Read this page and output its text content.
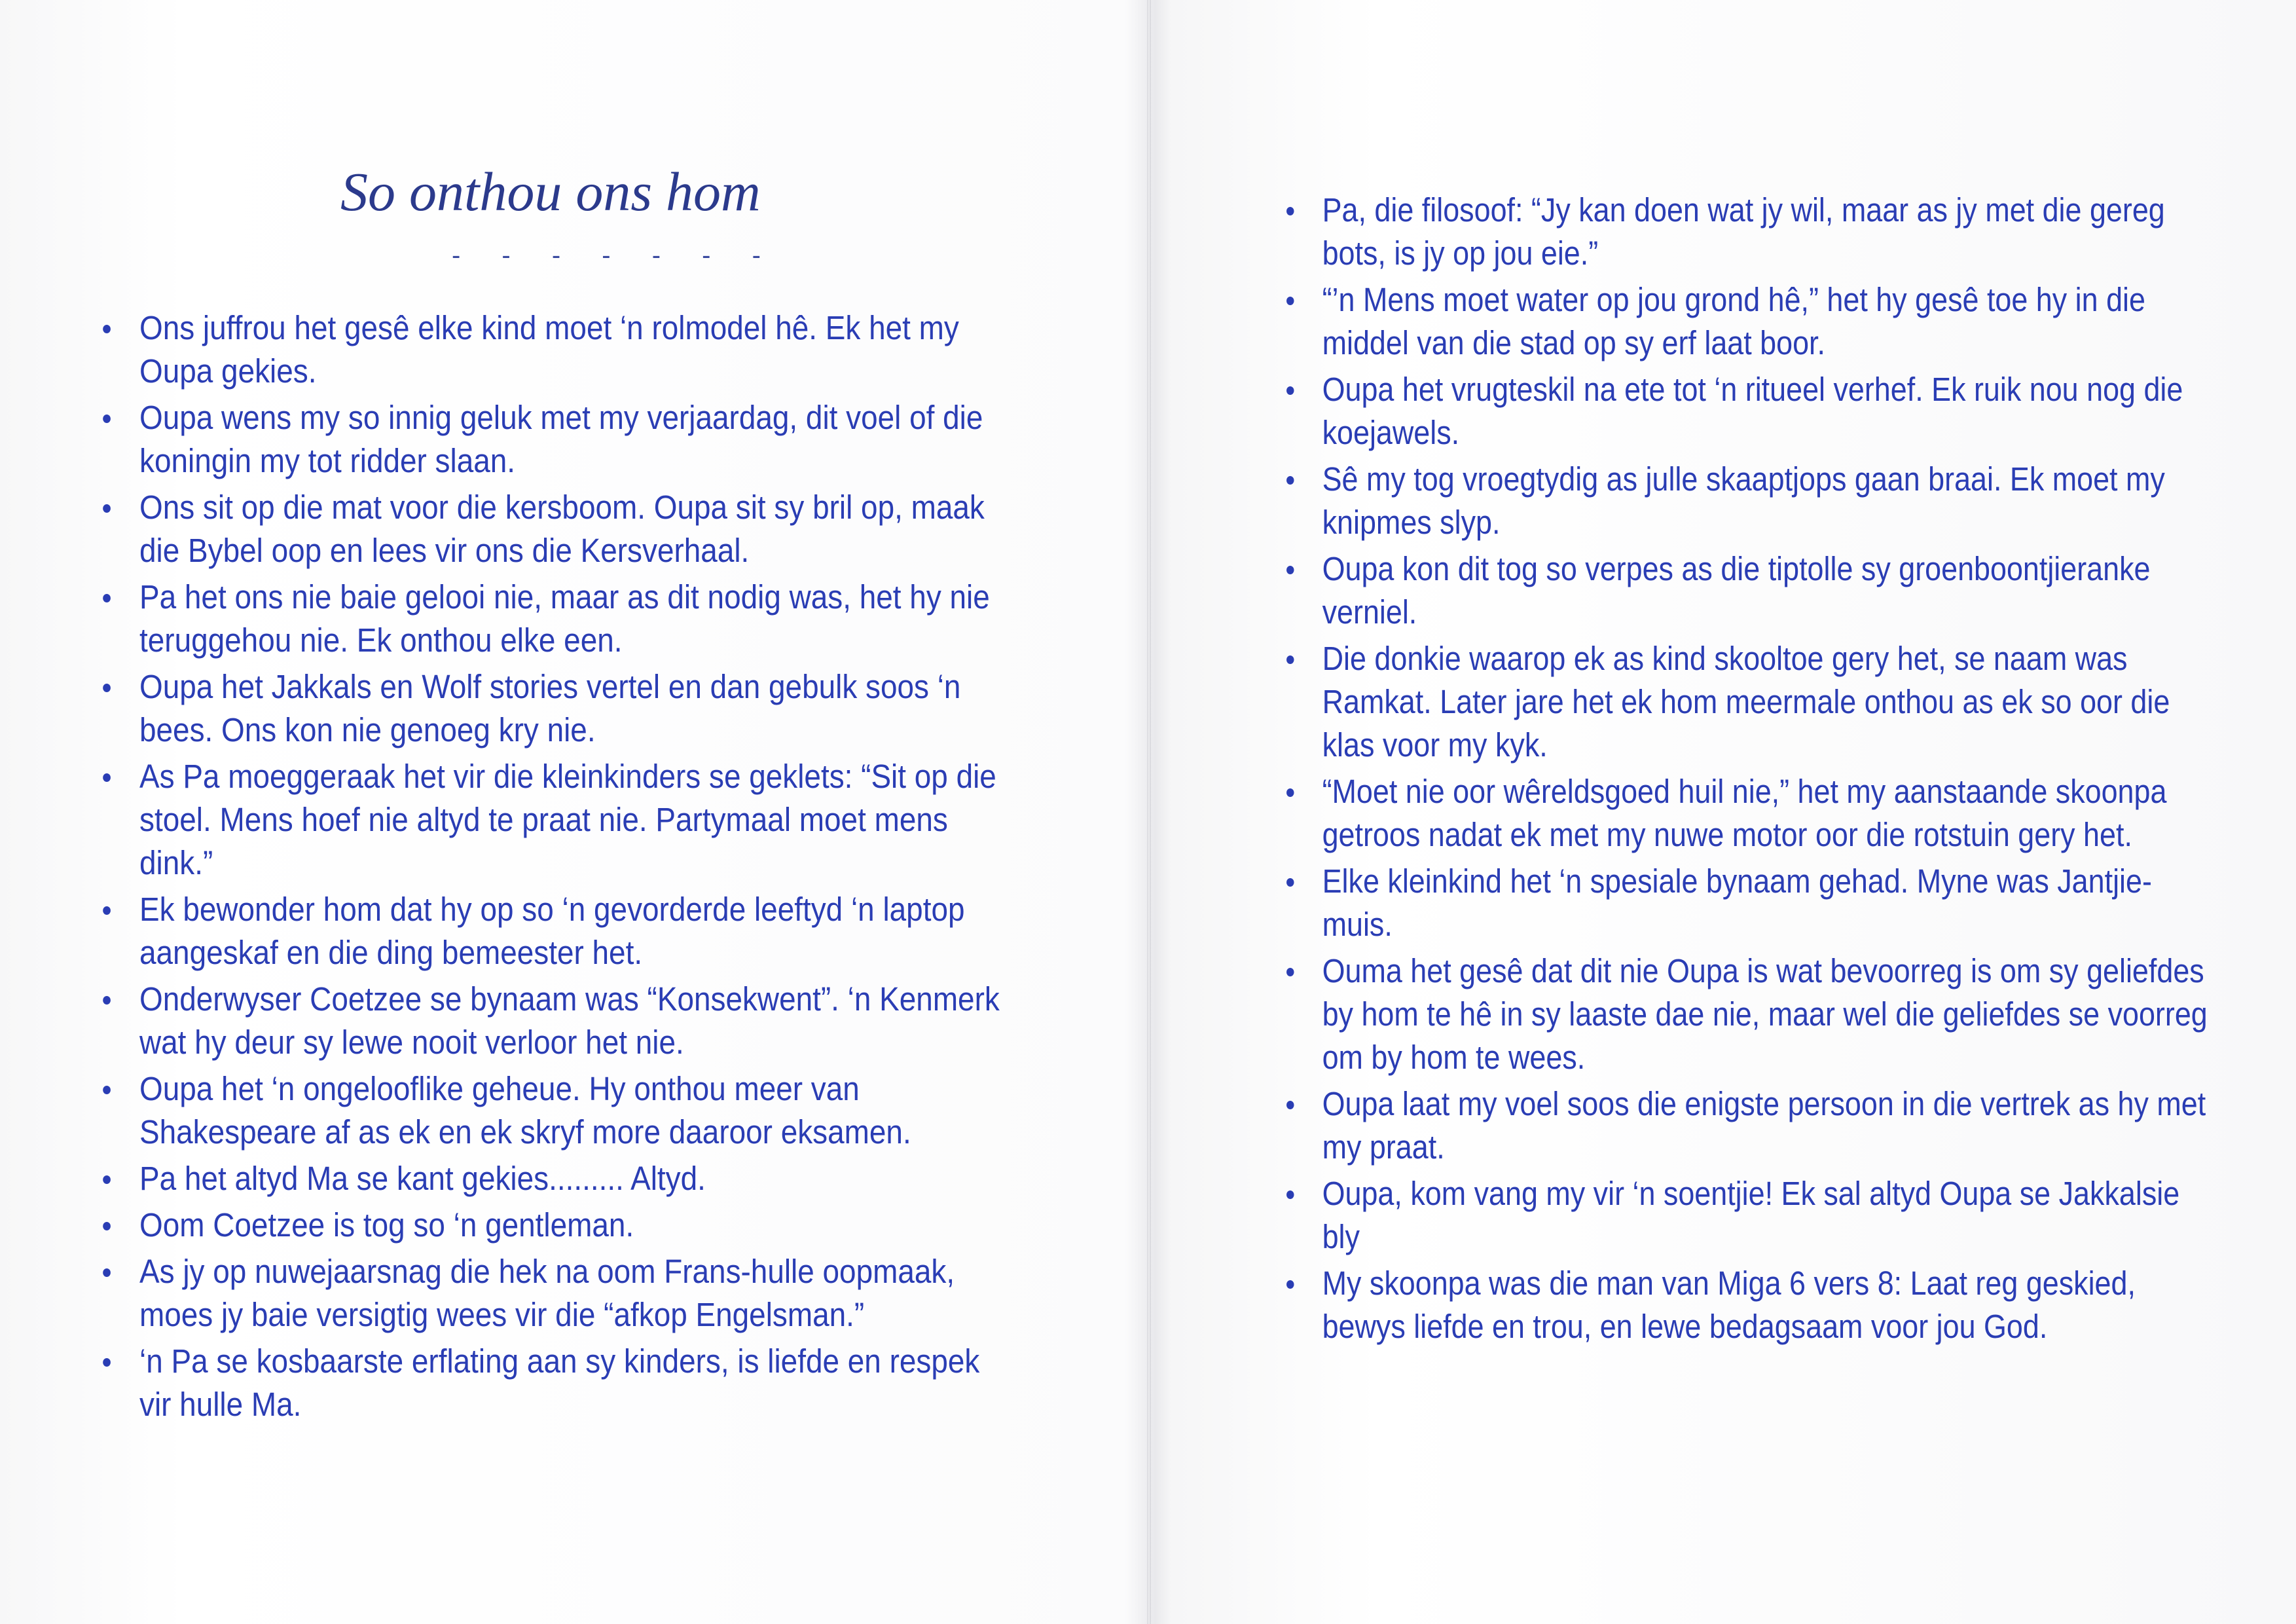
So onthou ons hom
- - - - - - -
Ons juffrou het gesê elke kind moet ‘n rolmodel hê. Ek het my Oupa gekies.
Oupa wens my so innig geluk met my verjaardag, dit voel of die koningin my tot ridder slaan.
Ons sit op die mat voor die kersboom. Oupa sit sy bril op, maak die Bybel oop en lees vir ons die Kersverhaal.
Pa het ons nie baie gelooi nie, maar as dit nodig was, het hy nie teruggehou nie. Ek onthou elke een.
Oupa het Jakkals en Wolf stories vertel en dan gebulk soos ‘n bees. Ons kon nie genoeg kry nie.
As Pa moeggeraak het vir die kleinkinders se geklets: “Sit op die stoel. Mens hoef nie altyd te praat nie. Partymaal moet mens dink.”
Ek bewonder hom dat hy op so ‘n gevorderde leeftyd ‘n laptop aangeskaf en die ding bemeester het.
Onderwyser Coetzee se bynaam was “Konsekwent”. ‘n Kenmerk wat hy deur sy lewe nooit verloor het nie.
Oupa het ‘n ongelooflike geheue. Hy onthou meer van Shakespeare af as ek en ek skryf more daaroor eksamen.
Pa het altyd Ma se kant gekies......... Altyd.
Oom Coetzee is tog so ‘n gentleman.
As jy op nuwejaarsnag die hek na oom Frans-hulle oopmaak, moes jy baie versigtig wees vir die “afkop Engelsman.”
‘n Pa se kosbaarste erflating aan sy kinders, is liefde en respek vir hulle Ma.
Pa, die filosoof: “Jy kan doen wat jy wil, maar as jy met die gereg bots, is jy op jou eie.”
“’n Mens moet water op jou grond hê,” het hy gesê toe hy in die middel van die stad op sy erf laat boor.
Oupa het vrugteskil na ete tot ‘n ritueel verhef. Ek ruik nou nog die koejawels.
Sê my tog vroegtydig as julle skaaptjops gaan braai. Ek moet my knipmes slyp.
Oupa kon dit tog so verpes as die tiptolle sy groenboontjieranke verniel.
Die donkie waarop ek as kind skooltoe gery het, se naam was Ramkat. Later jare het ek hom meermale onthou as ek so oor die klas voor my kyk.
“Moet nie oor wêreldsgoed huil nie,” het my aanstaande skoonpa getroos nadat ek met my nuwe motor oor die rotstuin gery het.
Elke kleinkind het ‘n spesiale bynaam gehad. Myne was Jantjie-muis.
Ouma het gesê dat dit nie Oupa is wat bevoorreg is om sy geliefdes by hom te hê in sy laaste dae nie, maar wel die geliefdes se voorreg om by hom te wees.
Oupa laat my voel soos die enigste persoon in die vertrek as hy met my praat.
Oupa, kom vang my vir ‘n soentjie! Ek sal altyd Oupa se Jakkalsie bly
My skoonpa was die man van Miga 6 vers 8: Laat reg geskied, bewys liefde en trou, en lewe bedagsaam voor jou God.
